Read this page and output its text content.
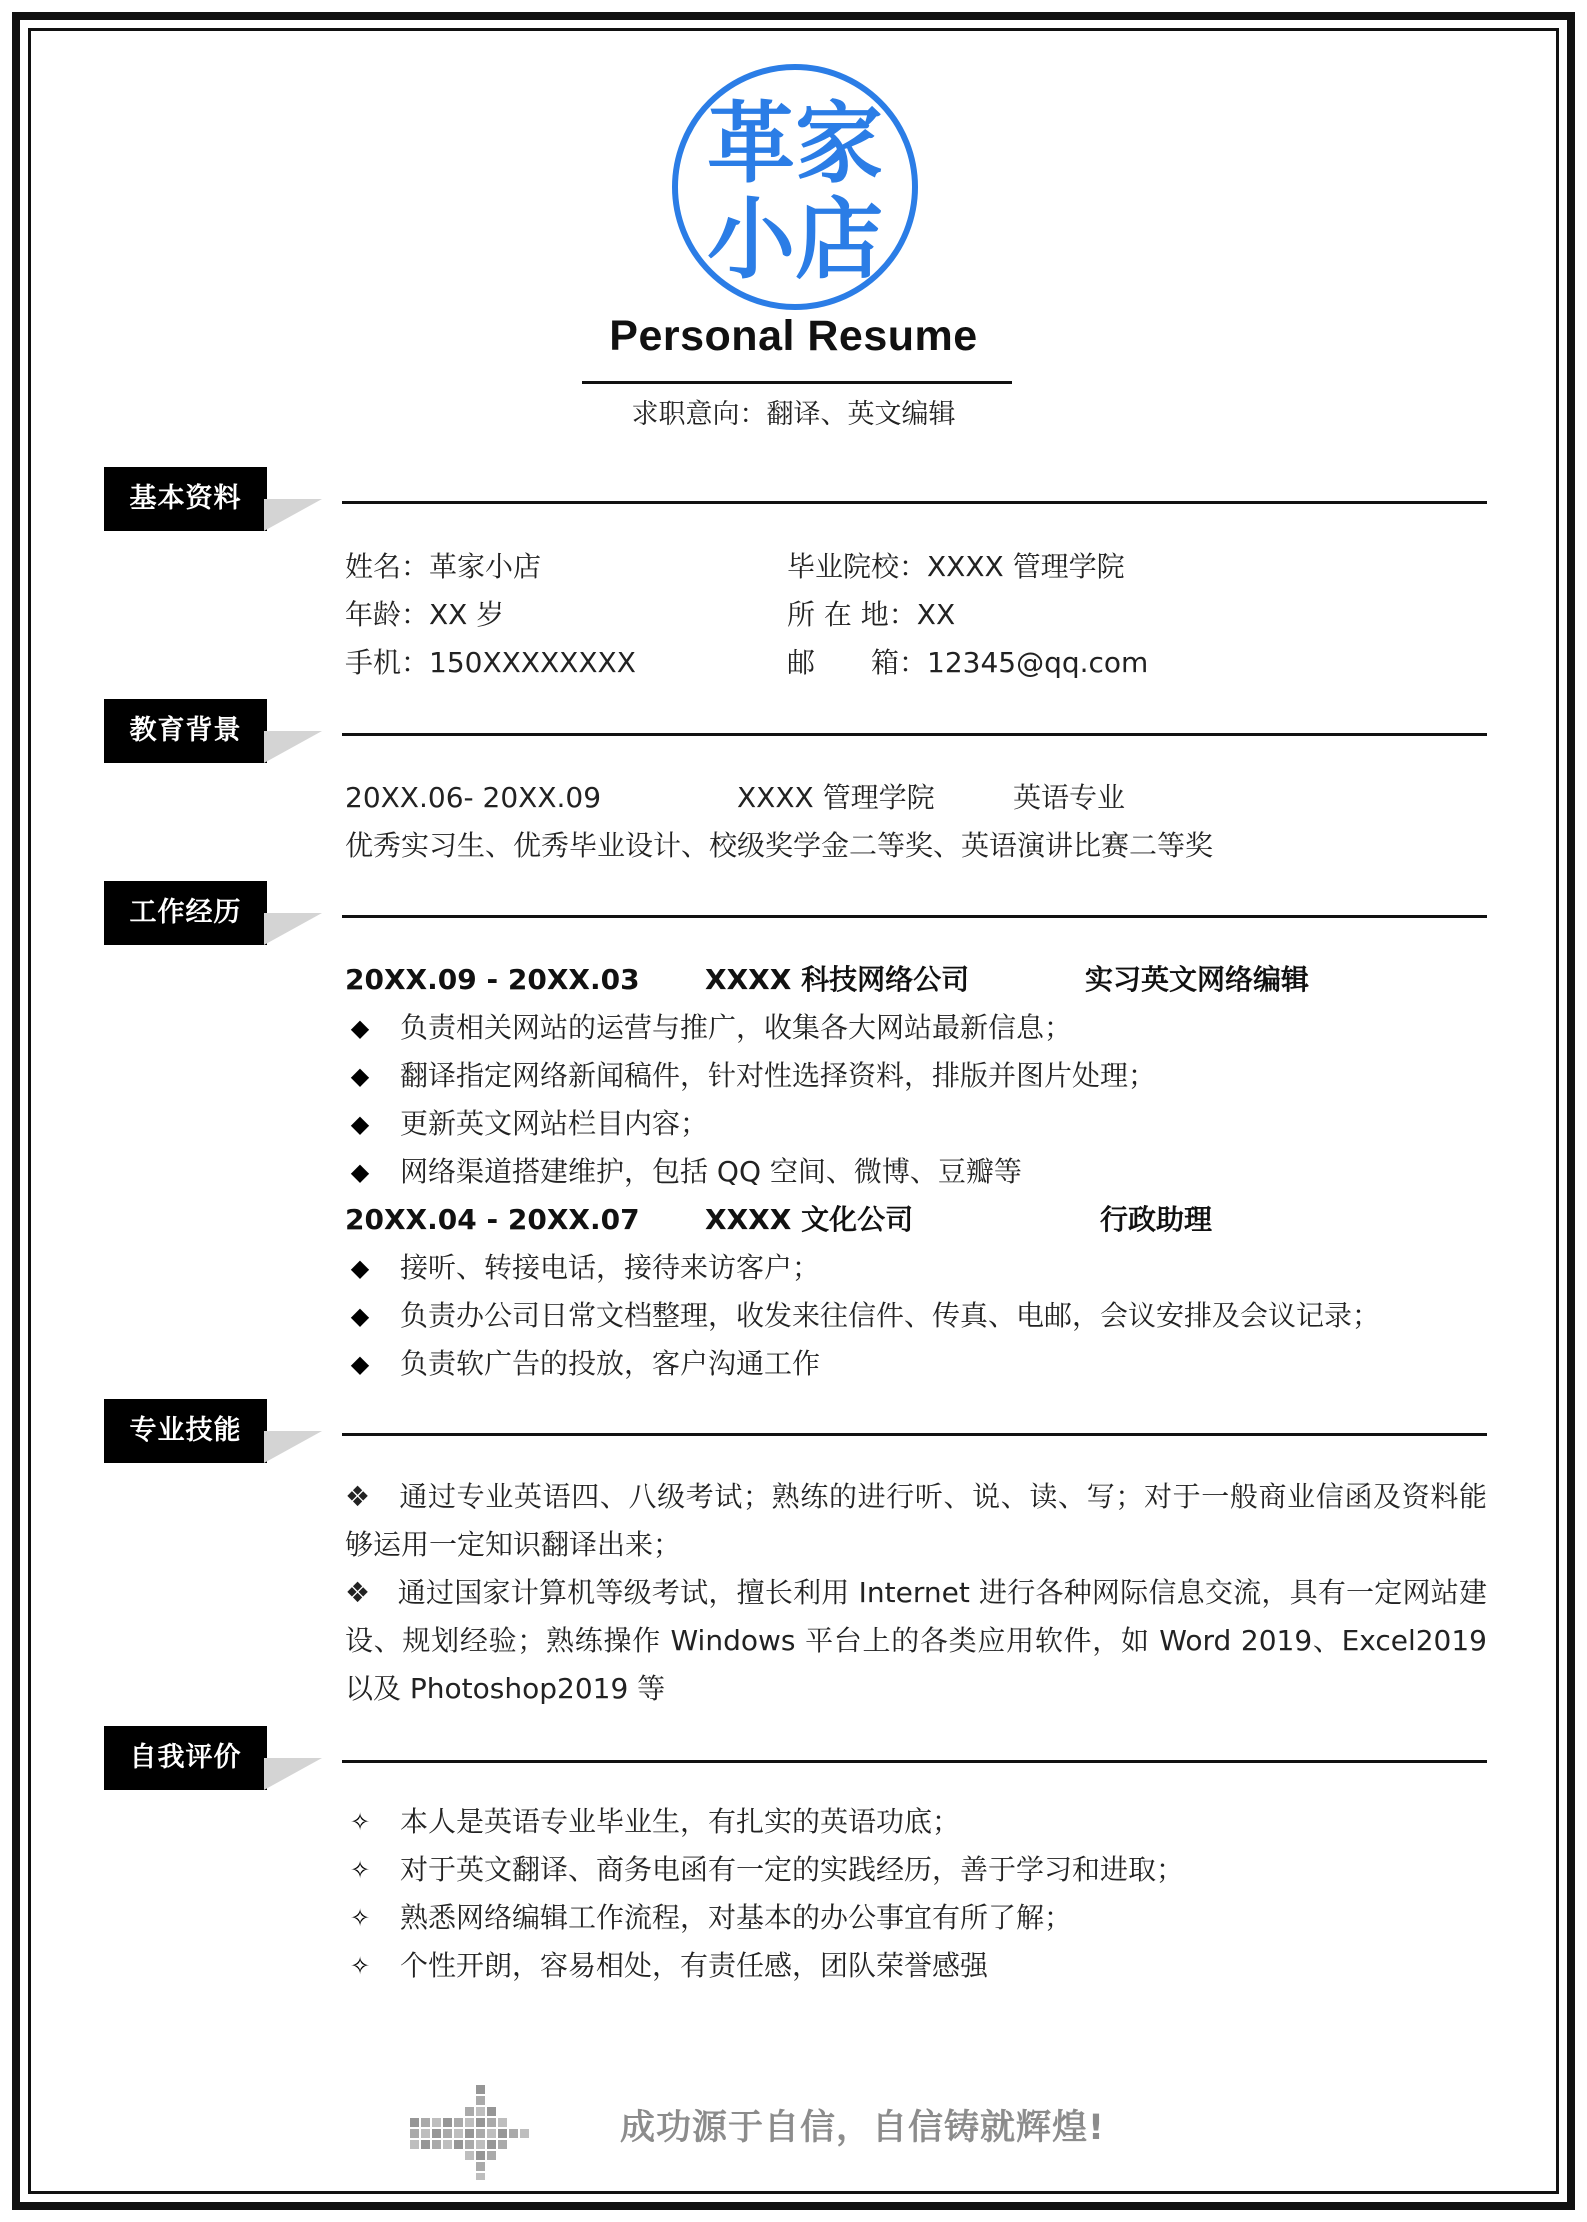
革家
小店
Personal Resume
求职意向：翻译、英文编辑
基本资料
姓名：革家小店
年龄：XX 岁
手机：150XXXXXXXX
毕业院校：XXXX 管理学院
所 在 地：XX
邮　　箱：12345@qq.com
教育背景
20XX.06- 20XX.09	XXXX 管理学院	英语专业
优秀实习生、优秀毕业设计、校级奖学金二等奖、英语演讲比赛二等奖
工作经历
20XX.09 - 20XX.03 XXXX 科技网络公司	实习英文网络编辑
◆ 负责相关网站的运营与推广，收集各大网站最新信息；
◆ 翻译指定网络新闻稿件，针对性选择资料，排版并图片处理；
◆ 更新英文网站栏目内容；
◆ 网络渠道搭建维护，包括 QQ 空间、微博、豆瓣等
20XX.04 - 20XX.07 XXXX 文化公司	行政助理
◆ 接听、转接电话，接待来访客户；
◆ 负责办公司日常文档整理，收发来往信件、传真、电邮，会议安排及会议记录；
◆ 负责软广告的投放，客户沟通工作
专业技能
❖ 通过专业英语四、八级考试；熟练的进行听、说、读、写；对于一般商业信函及资料能够运用一定知识翻译出来；
❖ 通过国家计算机等级考试，擅长利用 Internet 进行各种网际信息交流，具有一定网站建设、规划经验；熟练操作 Windows 平台上的各类应用软件，如 Word 2019、Excel2019 以及 Photoshop2019 等
自我评价
✧ 本人是英语专业毕业生，有扎实的英语功底；
✧ 对于英文翻译、商务电函有一定的实践经历，善于学习和进取；
✧ 熟悉网络编辑工作流程，对基本的办公事宜有所了解；
✧ 个性开朗，容易相处，有责任感，团队荣誉感强
成功源于自信，自信铸就辉煌!
